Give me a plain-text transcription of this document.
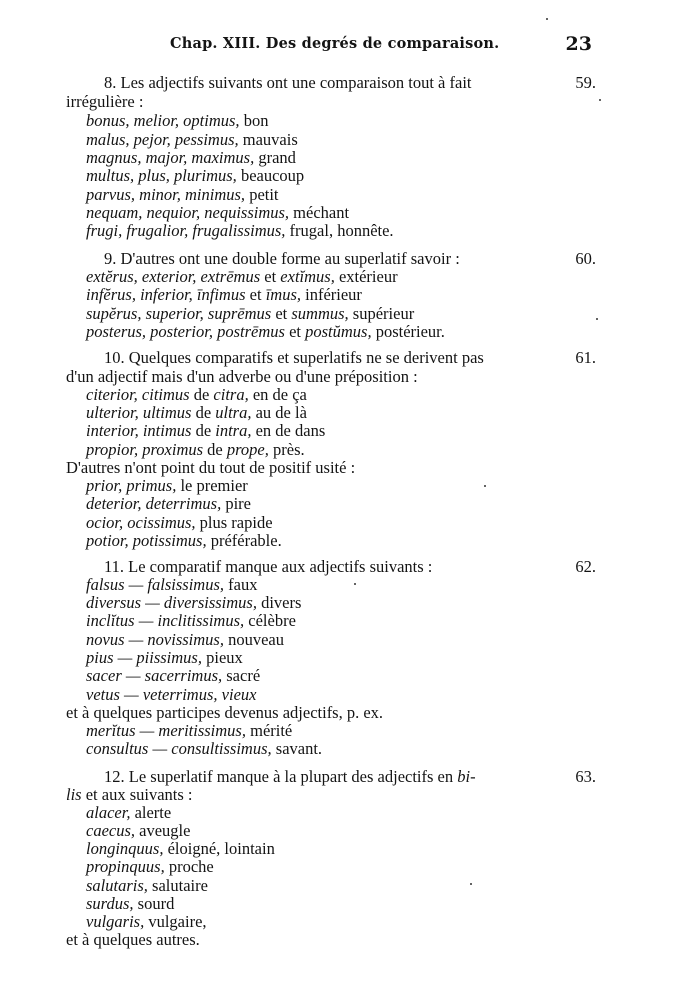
Chap. XIII. Des degrés de comparaison.	23
8. Les adjectifs suivants ont une comparaison tout à fait	59.
irrégulière :
bonus, melior, optimus, bon
malus, pejor, pessimus, mauvais
magnus, major, maximus, grand
multus, plus, plurimus, beaucoup
parvus, minor, minimus, petit
nequam, nequior, nequissimus, méchant
frugi, frugalior, frugalissimus, frugal, honnête.
9. D'autres ont une double forme au superlatif savoir :	60.
extĕrus, exterior, extrēmus et extĭmus, extérieur
infĕrus, inferior, īnfimus et īmus, inférieur
supĕrus, superior, suprēmus et summus, supérieur
posterus, posterior, postrēmus et postŭmus, postérieur.
10. Quelques comparatifs et superlatifs ne se derivent pas	61.
d'un adjectif mais d'un adverbe ou d'une préposition :
citerior, citimus de citra, en de ça
ulterior, ultimus de ultra, au de là
interior, intimus de intra, en de dans
propior, proximus de prope, près.
D'autres n'ont point du tout de positif usité :
prior, primus, le premier
deterior, deterrimus, pire
ocior, ocissimus, plus rapide
potior, potissimus, préférable.
11. Le comparatif manque aux adjectifs suivants :	62.
falsus — falsissimus, faux
diversus — diversissimus, divers
inclĭtus — inclitissimus, célèbre
novus — novissimus, nouveau
pius — piissimus, pieux
sacer — sacerrimus, sacré
vetus — veterrimus, vieux
et à quelques participes devenus adjectifs, p. ex.
merĭtus — meritissimus, mérité
consultus — consultissimus, savant.
12. Le superlatif manque à la plupart des adjectifs en bi-	63.
lis et aux suivants :
alacer, alerte
caecus, aveugle
longinquus, éloigné, lointain
propinquus, proche
salutaris, salutaire
surdus, sourd
vulgaris, vulgaire,
et à quelques autres.
